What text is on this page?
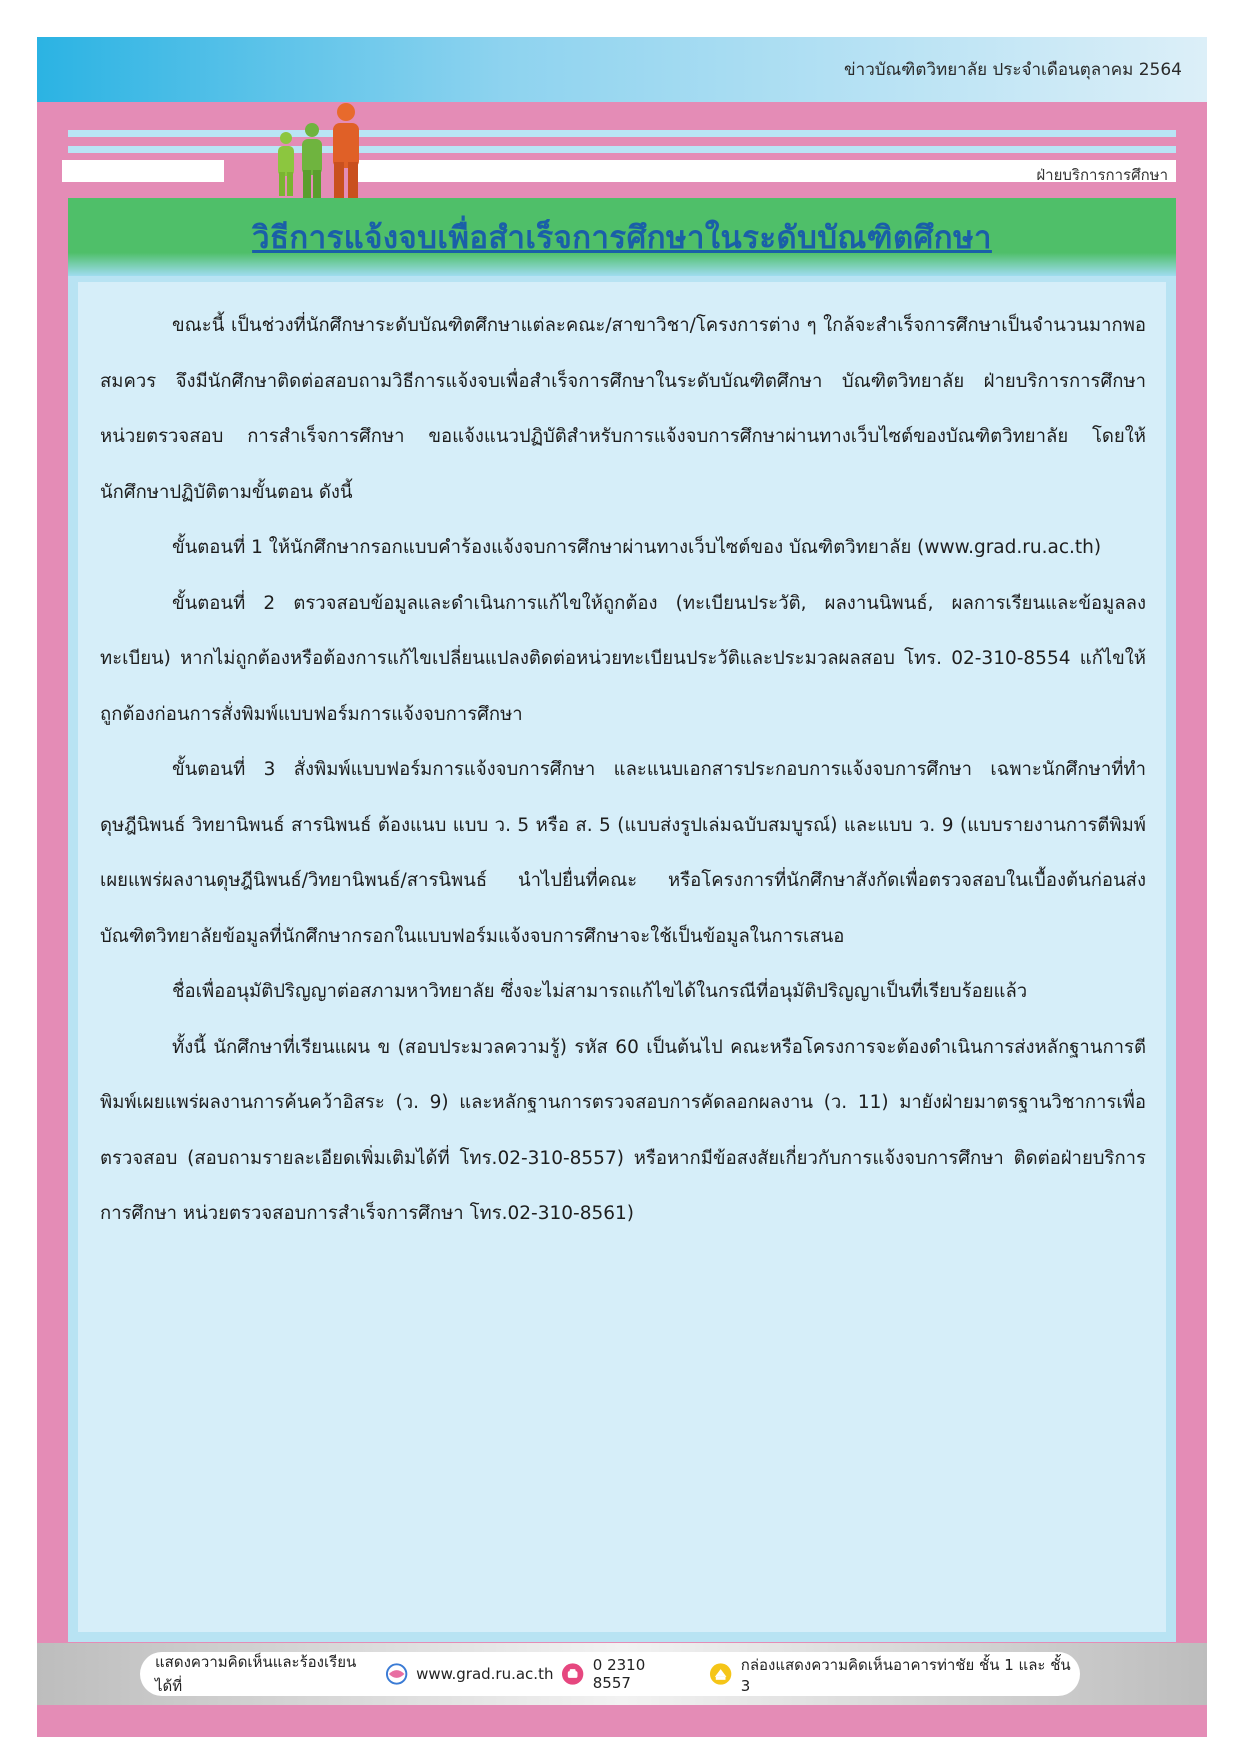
ข่าวบัณฑิตวิทยาลัย ประจำเดือนตุลาคม 2564
ฝ่ายบริการการศึกษา
วิธีการแจ้งจบเพื่อสำเร็จการศึกษาในระดับบัณฑิตศึกษา

ขณะนี้ เป็นช่วงที่นักศึกษาระดับบัณฑิตศึกษาแต่ละคณะ/สาขาวิชา/โครงการต่าง ๆ ใกล้จะสำเร็จการศึกษาเป็นจำนวนมากพอสมควร จึงมีนักศึกษาติดต่อสอบถามวิธีการแจ้งจบเพื่อสำเร็จการศึกษาในระดับบัณฑิตศึกษา บัณฑิตวิทยาลัย ฝ่ายบริการการศึกษา หน่วยตรวจสอบ การสำเร็จการศึกษา ขอแจ้งแนวปฏิบัติสำหรับการแจ้งจบการศึกษาผ่านทางเว็บไซต์ของบัณฑิตวิทยาลัย โดยให้นักศึกษาปฏิบัติตามขั้นตอน ดังนี้

ขั้นตอนที่ 1 ให้นักศึกษากรอกแบบคำร้องแจ้งจบการศึกษาผ่านทางเว็บไซต์ของ บัณฑิตวิทยาลัย (www.grad.ru.ac.th)

ขั้นตอนที่ 2 ตรวจสอบข้อมูลและดำเนินการแก้ไขให้ถูกต้อง (ทะเบียนประวัติ, ผลงานนิพนธ์, ผลการเรียนและข้อมูลลงทะเบียน) หากไม่ถูกต้องหรือต้องการแก้ไขเปลี่ยนแปลงติดต่อหน่วยทะเบียนประวัติและประมวลผลสอบ โทร. 02-310-8554 แก้ไขให้ถูกต้องก่อนการสั่งพิมพ์แบบฟอร์มการแจ้งจบการศึกษา

ขั้นตอนที่ 3 สั่งพิมพ์แบบฟอร์มการแจ้งจบการศึกษา และแนบเอกสารประกอบการแจ้งจบการศึกษา เฉพาะนักศึกษาที่ทำดุษฎีนิพนธ์ วิทยานิพนธ์ สารนิพนธ์ ต้องแนบ แบบ ว. 5 หรือ ส. 5 (แบบส่งรูปเล่มฉบับสมบูรณ์) และแบบ ว. 9 (แบบรายงานการตีพิมพ์เผยแพร่ผลงานดุษฎีนิพนธ์/วิทยานิพนธ์/สารนิพนธ์ นำไปยื่นที่คณะ หรือโครงการที่นักศึกษาสังกัดเพื่อตรวจสอบในเบื้องต้นก่อนส่งบัณฑิตวิทยาลัยข้อมูลที่นักศึกษากรอกในแบบฟอร์มแจ้งจบการศึกษาจะใช้เป็นข้อมูลในการเสนอ

ชื่อเพื่ออนุมัติปริญญาต่อสภามหาวิทยาลัย ซึ่งจะไม่สามารถแก้ไขได้ในกรณีที่อนุมัติปริญญาเป็นที่เรียบร้อยแล้ว

ทั้งนี้ นักศึกษาที่เรียนแผน ข (สอบประมวลความรู้) รหัส 60 เป็นต้นไป คณะหรือโครงการจะต้องดำเนินการส่งหลักฐานการตีพิมพ์เผยแพร่ผลงานการค้นคว้าอิสระ (ว. 9) และหลักฐานการตรวจสอบการคัดลอกผลงาน (ว. 11) มายังฝ่ายมาตรฐานวิชาการเพื่อตรวจสอบ (สอบถามรายละเอียดเพิ่มเติมได้ที่ โทร.02-310-8557) หรือหากมีข้อสงสัยเกี่ยวกับการแจ้งจบการศึกษา ติดต่อฝ่ายบริการการศึกษา หน่วยตรวจสอบการสำเร็จการศึกษา โทร.02-310-8561)

แสดงความคิดเห็นและร้องเรียนได้ที่
www.grad.ru.ac.th	0 2310 8557
กล่องแสดงความคิดเห็นอาคารท่าชัย ชั้น 1 และ ชั้น 3
